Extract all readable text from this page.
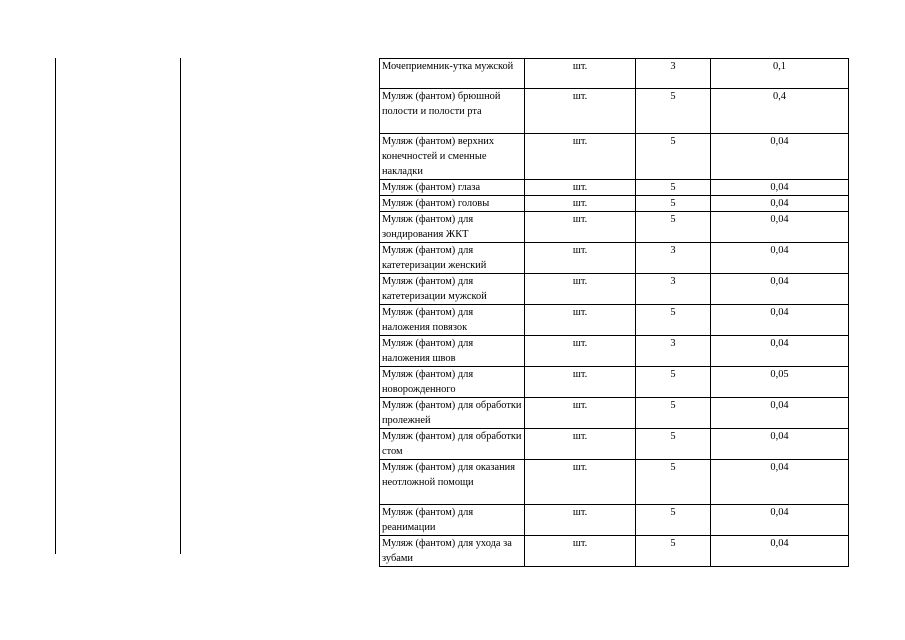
Мочеприемник-утка мужской	шт.	3	0,1
Муляж (фантом) брюшной полости и полости рта	шт.	5	0,4
Муляж (фантом) верхних конечностей и сменные накладки	шт.	5	0,04
Муляж (фантом) глаза	шт.	5	0,04
Муляж (фантом) головы	шт.	5	0,04
Муляж (фантом) для зондирования ЖКТ	шт.	5	0,04
Муляж (фантом) для катетеризации женский	шт.	3	0,04
Муляж (фантом) для катетеризации мужской	шт.	3	0,04
Муляж (фантом) для наложения повязок	шт.	5	0,04
Муляж (фантом) для наложения швов	шт.	3	0,04
Муляж (фантом) для новорожденного	шт.	5	0,05
Муляж (фантом) для обработки пролежней	шт.	5	0,04
Муляж (фантом) для обработки стом	шт.	5	0,04
Муляж (фантом) для оказания неотложной помощи	шт.	5	0,04
Муляж (фантом) для реанимации	шт.	5	0,04
Муляж (фантом) для ухода за зубами	шт.	5	0,04
